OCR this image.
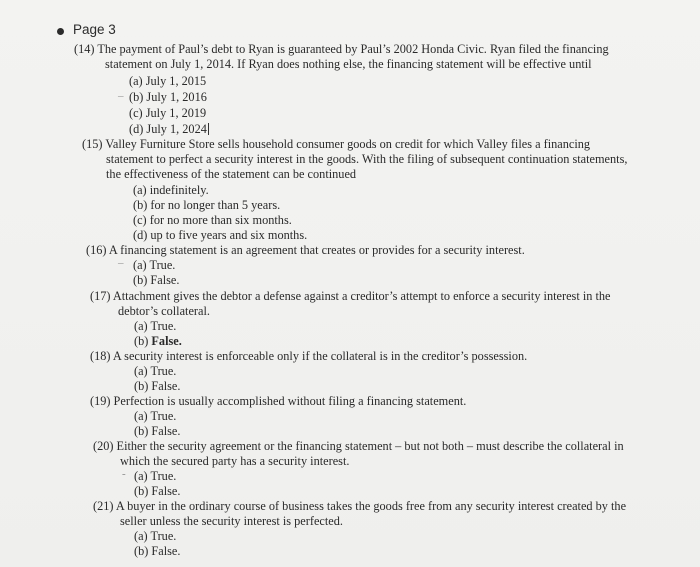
Page 3
(14) The payment of Paul’s debt to Ryan is guaranteed by Paul’s 2002 Honda Civic. Ryan filed the financing
statement on July 1, 2014. If Ryan does nothing else, the financing statement will be effective until
(a) July 1, 2015
_ (b) July 1, 2016
(c) July 1, 2019
(d) July 1, 2024
(15) Valley Furniture Store sells household consumer goods on credit for which Valley files a financing
statement to perfect a security interest in the goods. With the filing of subsequent continuation statements,
the effectiveness of the statement can be continued
(a) indefinitely.
(b) for no longer than 5 years.
(c) for no more than six months.
(d) up to five years and six months.
(16) A financing statement is an agreement that creates or provides for a security interest.
– (a) True.
(b) False.
(17) Attachment gives the debtor a defense against a creditor’s attempt to enforce a security interest in the
debtor’s collateral.
(a) True.
(b) False.
(18) A security interest is enforceable only if the collateral is in the creditor’s possession.
(a) True.
(b) False.
(19) Perfection is usually accomplished without filing a financing statement.
(a) True.
(b) False.
(20) Either the security agreement or the financing statement – but not both – must describe the collateral in
which the secured party has a security interest.
- (a) True.
(b) False.
(21) A buyer in the ordinary course of business takes the goods free from any security interest created by the
seller unless the security interest is perfected.
(a) True.
(b) False.
